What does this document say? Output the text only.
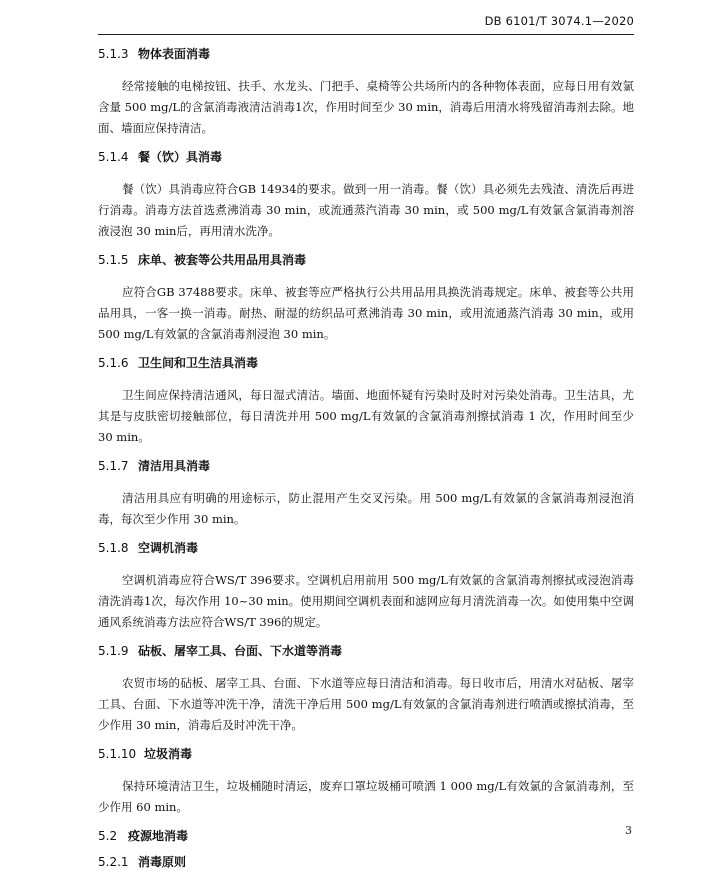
DB 6101/T 3074.1—2020
5.1.3 物体表面消毒

经常接触的电梯按钮、扶手、水龙头、门把手、桌椅等公共场所内的各种物体表面，应每日用有效氯含量 500 mg/L的含氯消毒液清洁消毒1次，作用时间至少 30 min，消毒后用清水将残留消毒剂去除。地面、墙面应保持清洁。

5.1.4 餐（饮）具消毒

餐（饮）具消毒应符合GB 14934的要求。做到一用一消毒。餐（饮）具必须先去残渣、清洗后再进行消毒。消毒方法首选煮沸消毒 30 min，或流通蒸汽消毒 30 min，或 500 mg/L有效氯含氯消毒剂溶液浸泡 30 min后，再用清水洗净。

5.1.5 床单、被套等公共用品用具消毒

应符合GB 37488要求。床单、被套等应严格执行公共用品用具换洗消毒规定。床单、被套等公共用品用具，一客一换一消毒。耐热、耐湿的纺织品可煮沸消毒 30 min，或用流通蒸汽消毒 30 min，或用 500 mg/L有效氯的含氯消毒剂浸泡 30 min。

5.1.6 卫生间和卫生洁具消毒

卫生间应保持清洁通风，每日湿式清洁。墙面、地面怀疑有污染时及时对污染处消毒。卫生洁具，尤其是与皮肤密切接触部位，每日清洗并用 500 mg/L有效氯的含氯消毒剂擦拭消毒 1 次，作用时间至少 30 min。

5.1.7 清洁用具消毒

清洁用具应有明确的用途标示，防止混用产生交叉污染。用 500 mg/L有效氯的含氯消毒剂浸泡消毒，每次至少作用 30 min。

5.1.8 空调机消毒

空调机消毒应符合WS/T 396要求。空调机启用前用 500 mg/L有效氯的含氯消毒剂擦拭或浸泡消毒清洗消毒1次，每次作用 10~30 min。使用期间空调机表面和滤网应每月清洗消毒一次。如使用集中空调通风系统消毒方法应符合WS/T 396的规定。

5.1.9 砧板、屠宰工具、台面、下水道等消毒

农贸市场的砧板、屠宰工具、台面、下水道等应每日清洁和消毒。每日收市后，用清水对砧板、屠宰工具、台面、下水道等冲洗干净，清洗干净后用 500 mg/L有效氯的含氯消毒剂进行喷洒或擦拭消毒，至少作用 30 min，消毒后及时冲洗干净。

5.1.10 垃圾消毒

保持环境清洁卫生，垃圾桶随时清运，废弃口罩垃圾桶可喷洒 1 000 mg/L有效氯的含氯消毒剂，至少作用 60 min。

5.2 疫源地消毒
5.2.1 消毒原则
3
